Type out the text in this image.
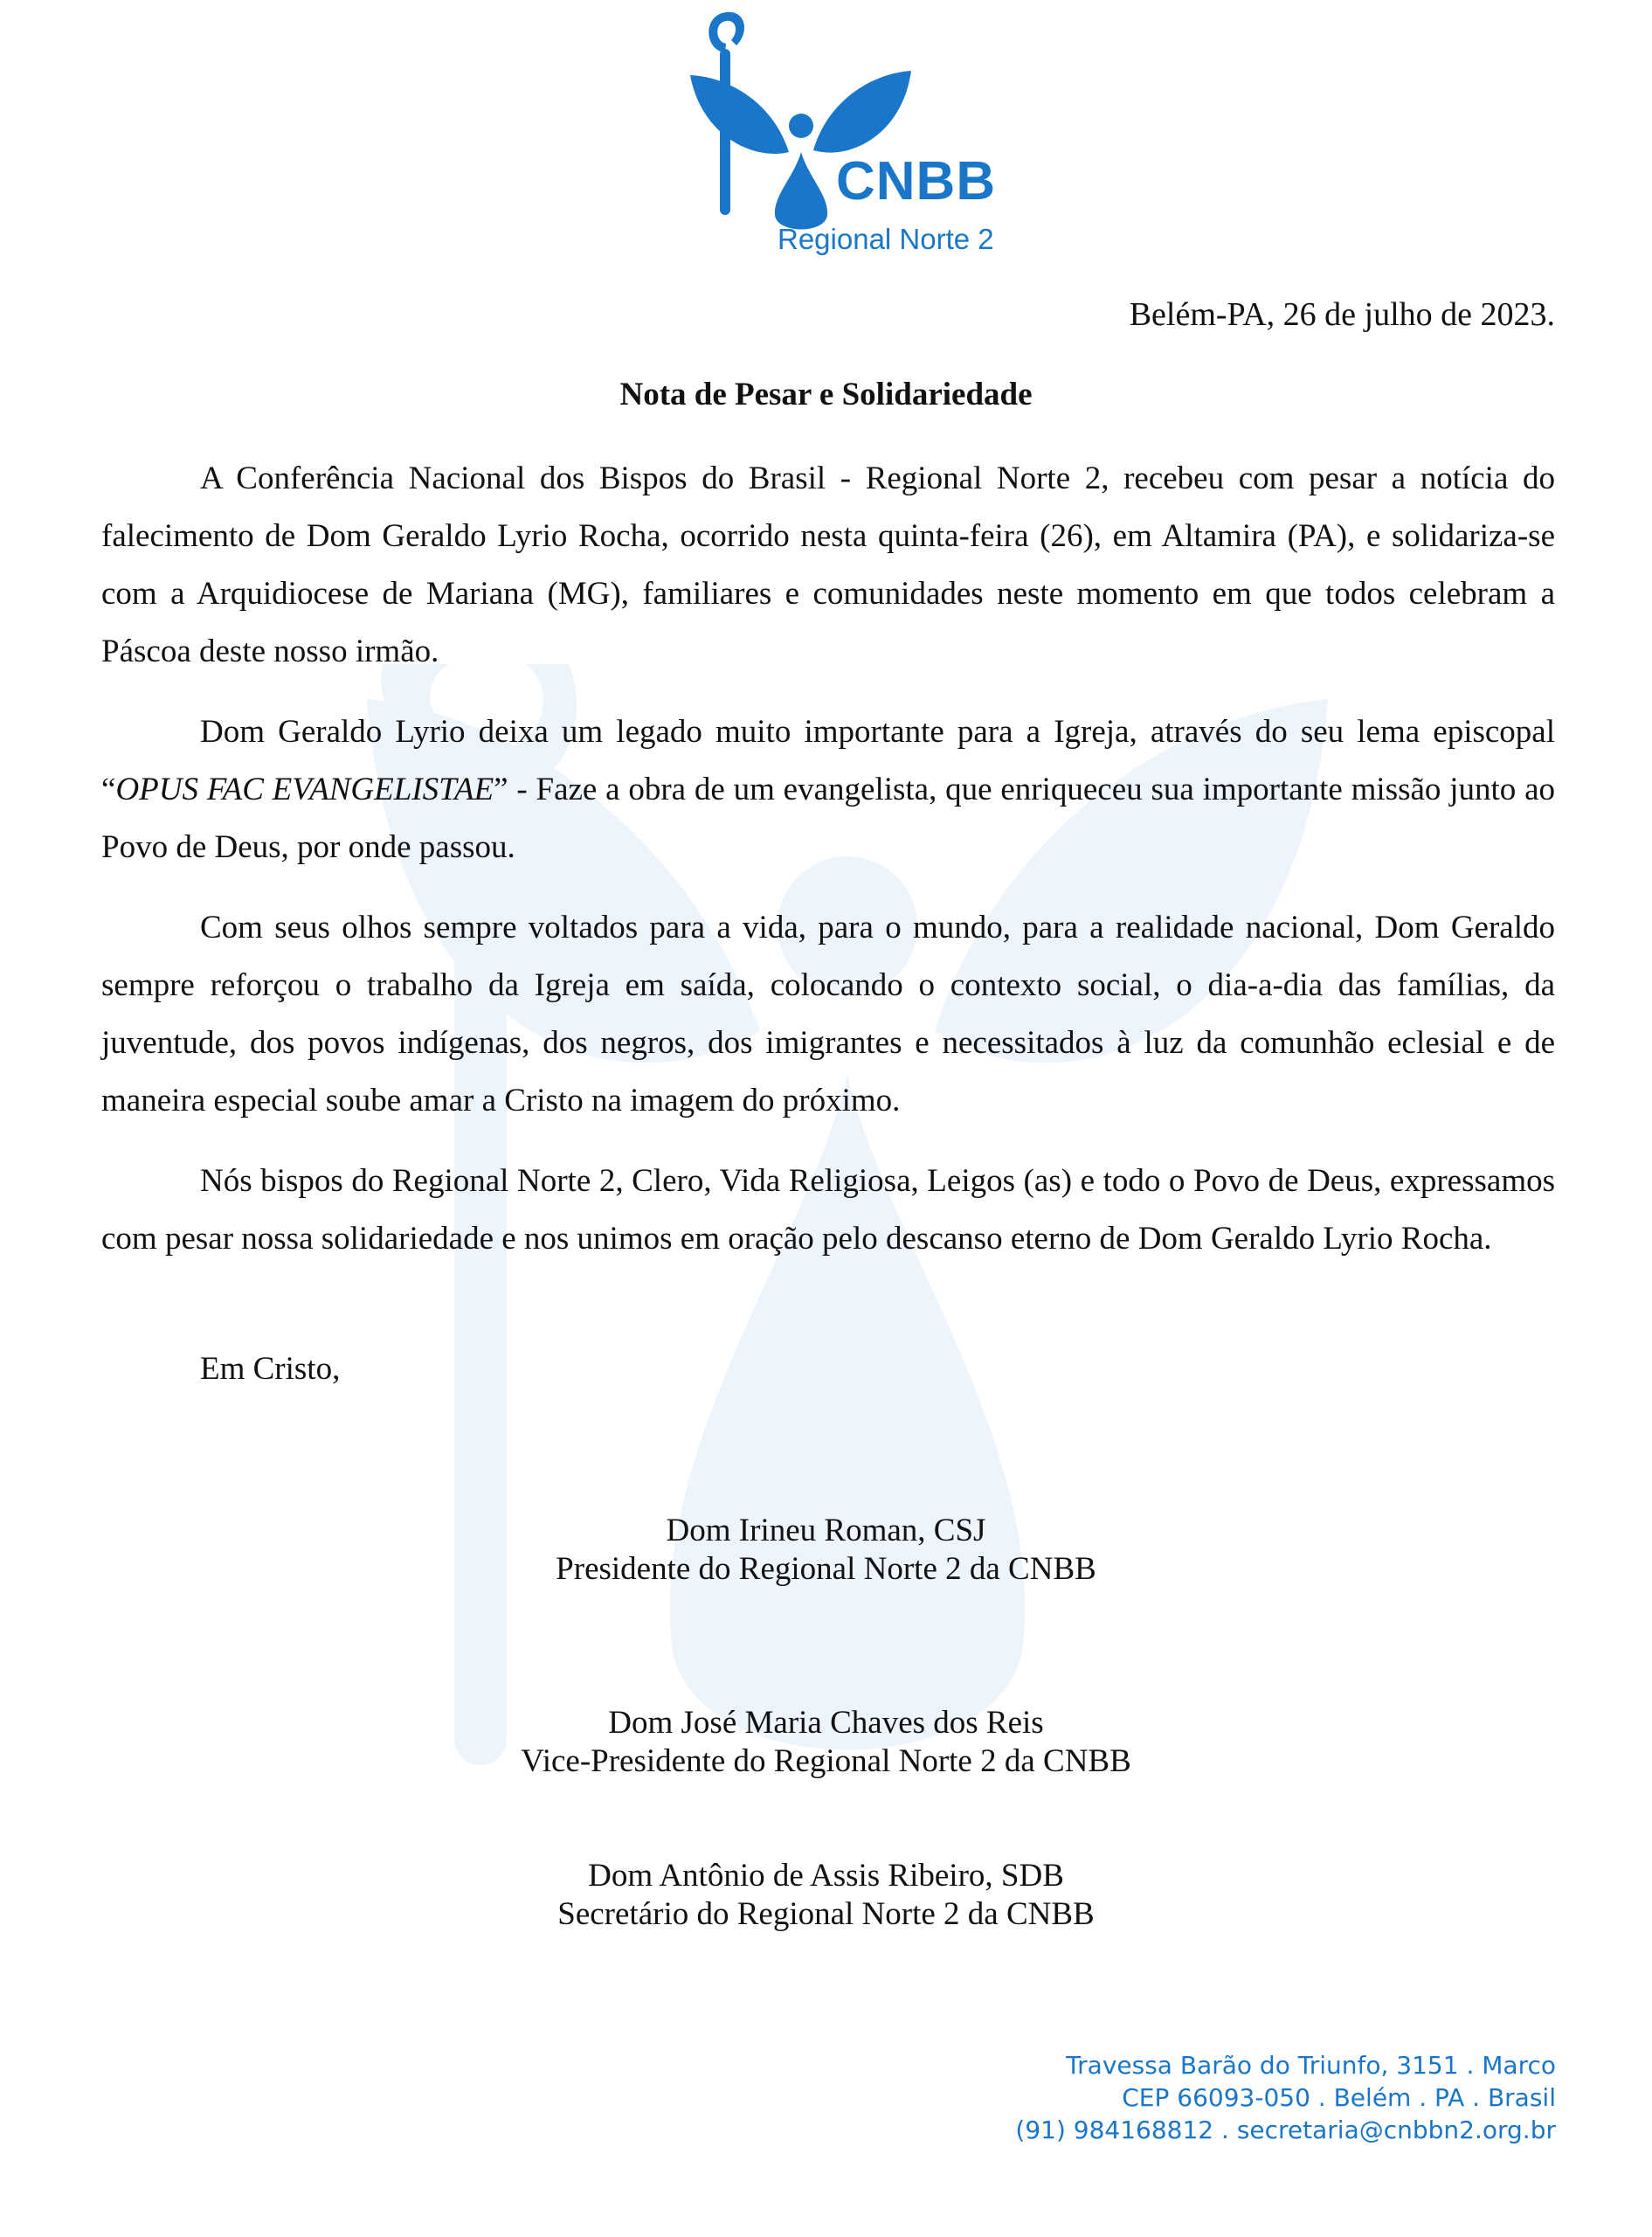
CNBB
Regional Norte 2
Belém-PA, 26 de julho de 2023.
Nota de Pesar e Solidariedade

A Conferência Nacional dos Bispos do Brasil - Regional Norte 2, recebeu com pesar a notícia do falecimento de Dom Geraldo Lyrio Rocha, ocorrido nesta quinta-feira (26), em Altamira (PA), e solidariza-se com a Arquidiocese de Mariana (MG), familiares e comunidades neste momento em que todos celebram a Páscoa deste nosso irmão.

Dom Geraldo Lyrio deixa um legado muito importante para a Igreja, através do seu lema episcopal “OPUS FAC EVANGELISTAE” - Faze a obra de um evangelista, que enriqueceu sua importante missão junto ao Povo de Deus, por onde passou.

Com seus olhos sempre voltados para a vida, para o mundo, para a realidade nacional, Dom Geraldo sempre reforçou o trabalho da Igreja em saída, colocando o contexto social, o dia-a-dia das famílias, da juventude, dos povos indígenas, dos negros, dos imigrantes e necessitados à luz da comunhão eclesial e de maneira especial soube amar a Cristo na imagem do próximo.

Nós bispos do Regional Norte 2, Clero, Vida Religiosa, Leigos (as) e todo o Povo de Deus, expressamos com pesar nossa solidariedade e nos unimos em oração pelo descanso eterno de Dom Geraldo Lyrio Rocha.

Em Cristo,
Dom Irineu Roman, CSJ
Presidente do Regional Norte 2 da CNBB
Dom José Maria Chaves dos Reis
Vice-Presidente do Regional Norte 2 da CNBB
Dom Antônio de Assis Ribeiro, SDB
Secretário do Regional Norte 2 da CNBB
Travessa Barão do Triunfo, 3151 . Marco
CEP 66093-050 . Belém . PA . Brasil
(91) 984168812 . secretaria@cnbbn2.org.br
